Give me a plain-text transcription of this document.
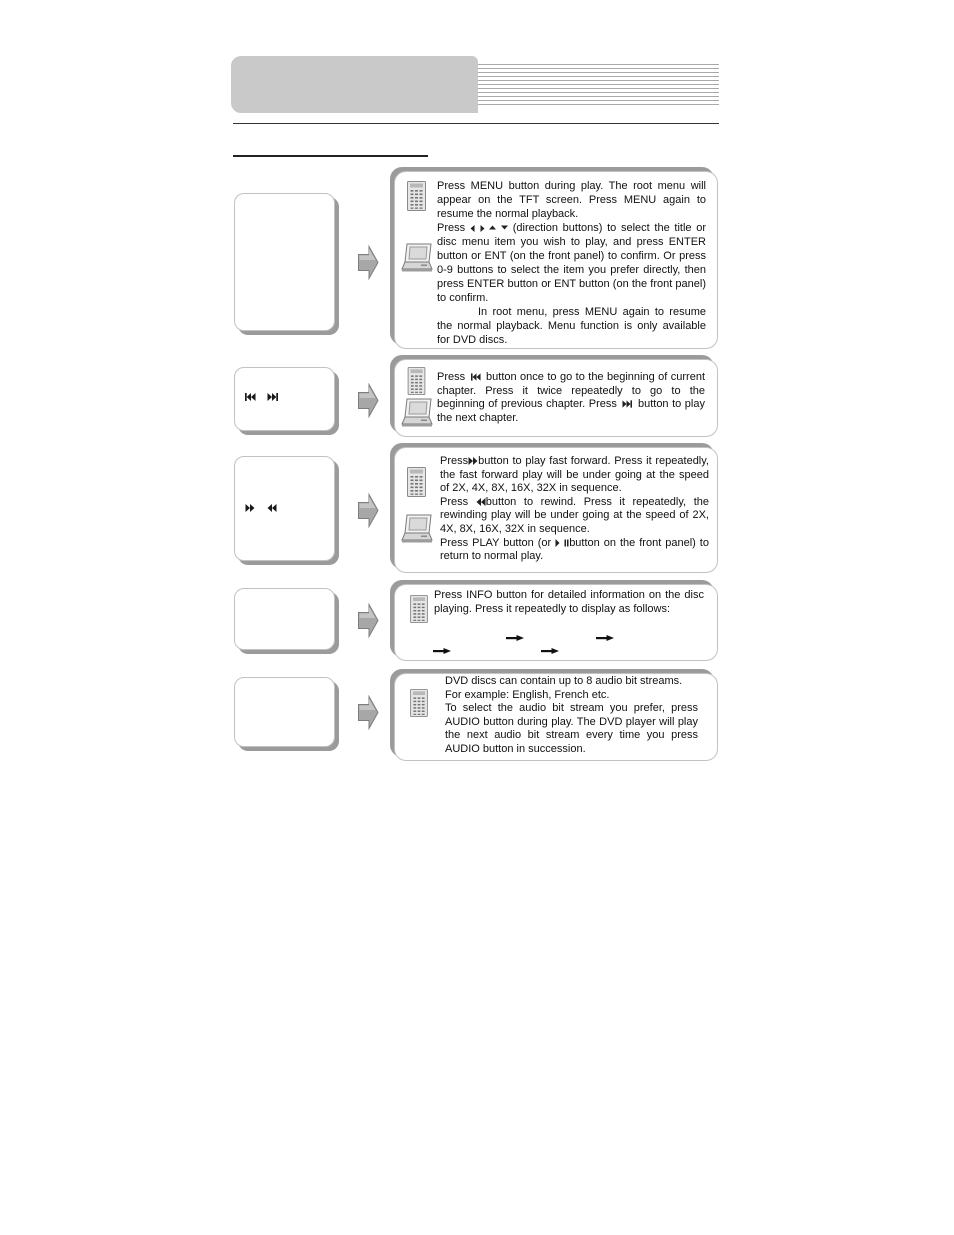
Press MENU button during play. The root menu will appear on the TFT screen. Press MENU again to resume the normal playback.

Press	(direction buttons) to select the title or disc menu item you wish to play, and press ENTER button or ENT (on the front panel) to confirm. Or press 0-9 buttons to select the item you prefer directly, then press ENTER button or ENT button (on the front panel) to confirm.

In root menu, press MENU again to resume the normal playback. Menu function is only available for DVD discs.

Press button once to go to the beginning of current chapter. Press it twice repeatedly to go to the beginning of previous chapter. Press button to play the next chapter.

Press button to play fast forward. Press it repeatedly, the fast forward play will be under going at the speed of 2X, 4X, 8X, 16X, 32X in sequence.

Press button to rewind. Press it repeatedly, the rewinding play will be under going at the speed of 2X, 4X, 8X, 16X, 32X in sequence.

Press PLAY button (or button on the front panel) to return to normal play.

Press INFO button for detailed information on the disc playing. Press it repeatedly to display as follows:

DVD discs can contain up to 8 audio bit streams.
For example: English, French etc.
To select the audio bit stream you prefer, press AUDIO button during play. The DVD player will play the next audio bit stream every time you press AUDIO button in succession.
